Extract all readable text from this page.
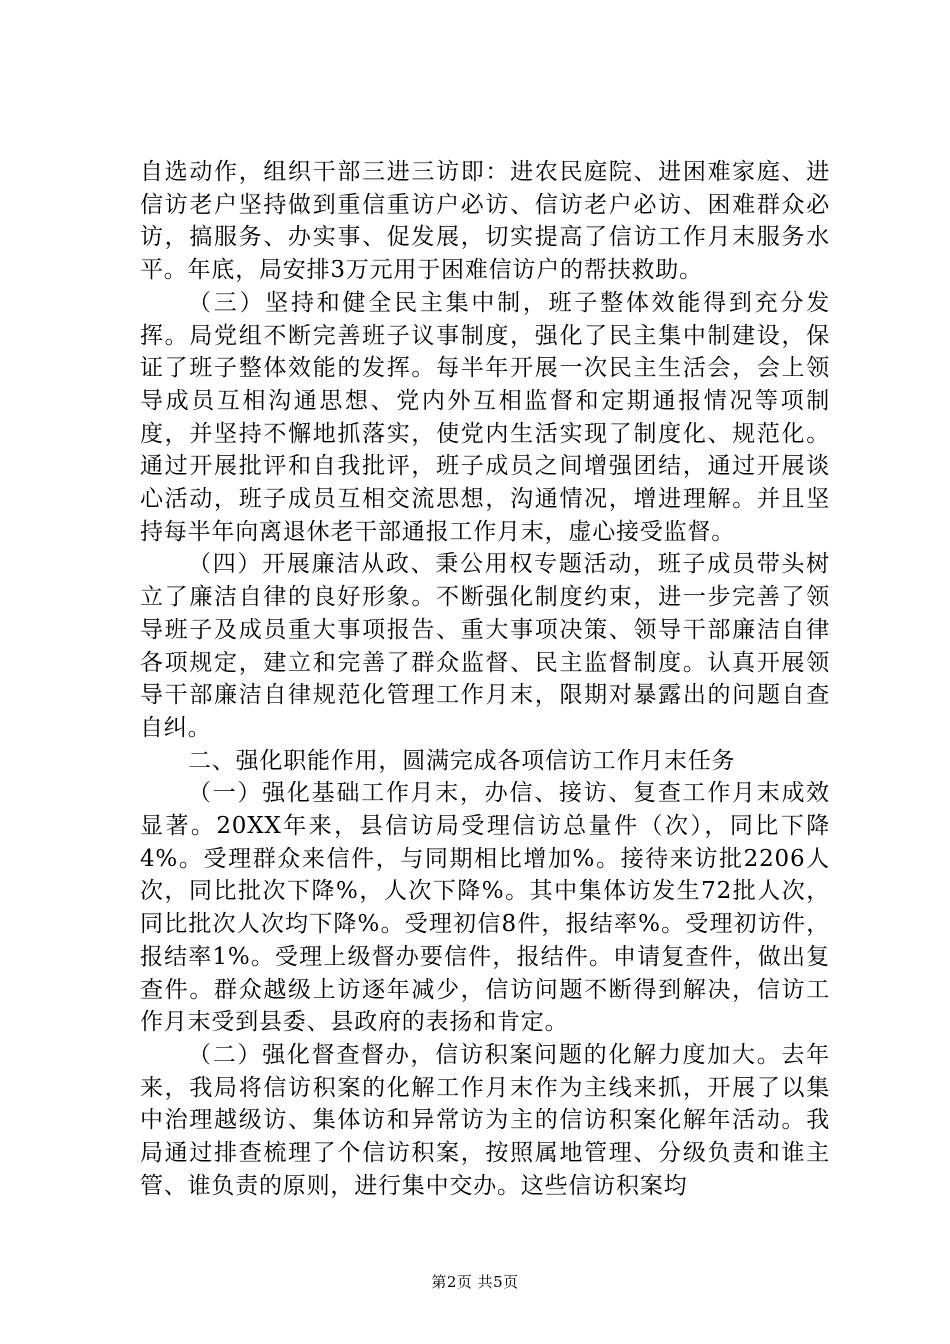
自选动作，组织干部三进三访即：进农民庭院、进困难家庭、进信访老户坚持做到重信重访户必访、信访老户必访、困难群众必访，搞服务、办实事、促发展，切实提高了信访工作月末服务水平。年底，局安排3万元用于困难信访户的帮扶救助。

（三）坚持和健全民主集中制，班子整体效能得到充分发挥。局党组不断完善班子议事制度，强化了民主集中制建设，保证了班子整体效能的发挥。每半年开展一次民主生活会，会上领导成员互相沟通思想、党内外互相监督和定期通报情况等项制度，并坚持不懈地抓落实，使党内生活实现了制度化、规范化。通过开展批评和自我批评，班子成员之间增强团结，通过开展谈心活动，班子成员互相交流思想，沟通情况，增进理解。并且坚持每半年向离退休老干部通报工作月末，虚心接受监督。

（四）开展廉洁从政、秉公用权专题活动，班子成员带头树立了廉洁自律的良好形象。不断强化制度约束，进一步完善了领导班子及成员重大事项报告、重大事项决策、领导干部廉洁自律各项规定，建立和完善了群众监督、民主监督制度。认真开展领导干部廉洁自律规范化管理工作月末，限期对暴露出的问题自查自纠。

二、强化职能作用，圆满完成各项信访工作月末任务

（一）强化基础工作月末，办信、接访、复查工作月末成效显著。20XX年来，县信访局受理信访总量件（次），同比下降4%。受理群众来信件，与同期相比增加%。接待来访批2206人次，同比批次下降%，人次下降%。其中集体访发生72批人次，同比批次人次均下降%。受理初信8件，报结率%。受理初访件，报结率1%。受理上级督办要信件，报结件。申请复查件，做出复查件。群众越级上访逐年减少，信访问题不断得到解决，信访工作月末受到县委、县政府的表扬和肯定。

（二）强化督查督办，信访积案问题的化解力度加大。去年来，我局将信访积案的化解工作月末作为主线来抓，开展了以集中治理越级访、集体访和异常访为主的信访积案化解年活动。我局通过排查梳理了个信访积案，按照属地管理、分级负责和谁主管、谁负责的原则，进行集中交办。这些信访积案均

第2页 共5页
